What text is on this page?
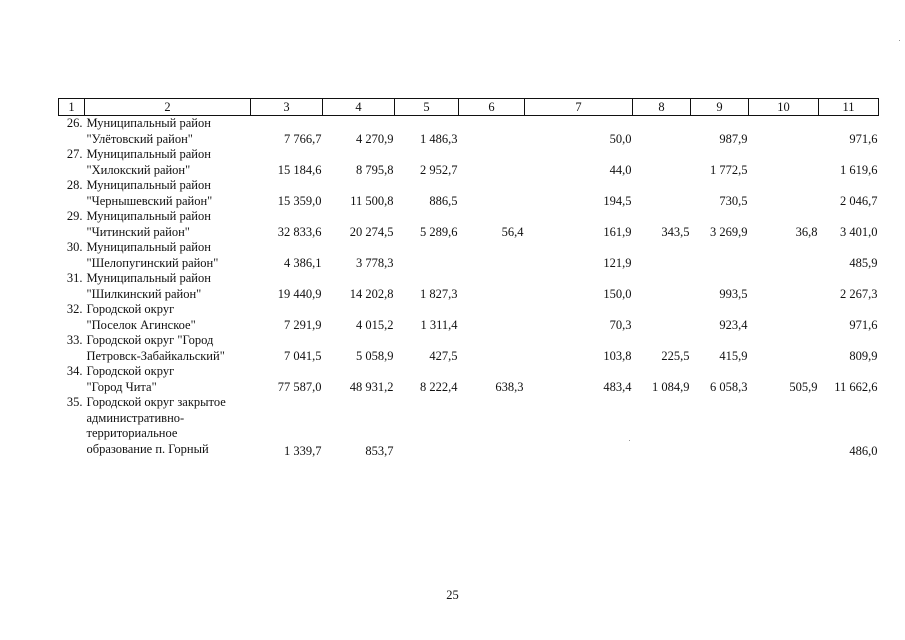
1	2	3	4	5	6	7	8	9	10	11
26.	Муниципальный район
"Улётовский район"	7 766,7	4 270,9	1 486,3		50,0		987,9		971,6
27.	Муниципальный район
"Хилокский район"	15 184,6	8 795,8	2 952,7		44,0		1 772,5		1 619,6
28.	Муниципальный район
"Чернышевский район"	15 359,0	11 500,8	886,5		194,5		730,5		2 046,7
29.	Муниципальный район
"Читинский район"	32 833,6	20 274,5	5 289,6	56,4	161,9	343,5	3 269,9	36,8	3 401,0
30.	Муниципальный район
"Шелопугинский район"	4 386,1	3 778,3			121,9				485,9
31.	Муниципальный район
"Шилкинский район"	19 440,9	14 202,8	1 827,3		150,0		993,5		2 267,3
32.	Городской округ
"Поселок Агинское"	7 291,9	4 015,2	1 311,4		70,3		923,4		971,6
33.	Городской округ "Город
Петровск-Забайкальский"	7 041,5	5 058,9	427,5		103,8	225,5	415,9		809,9
34.	Городской округ
"Город Чита"	77 587,0	48 931,2	8 222,4	638,3	483,4	1 084,9	6 058,3	505,9	11 662,6
35.	Городской округ закрытое
административно-
территориальное
образование п. Горный	1 339,7	853,7							486,0
25
